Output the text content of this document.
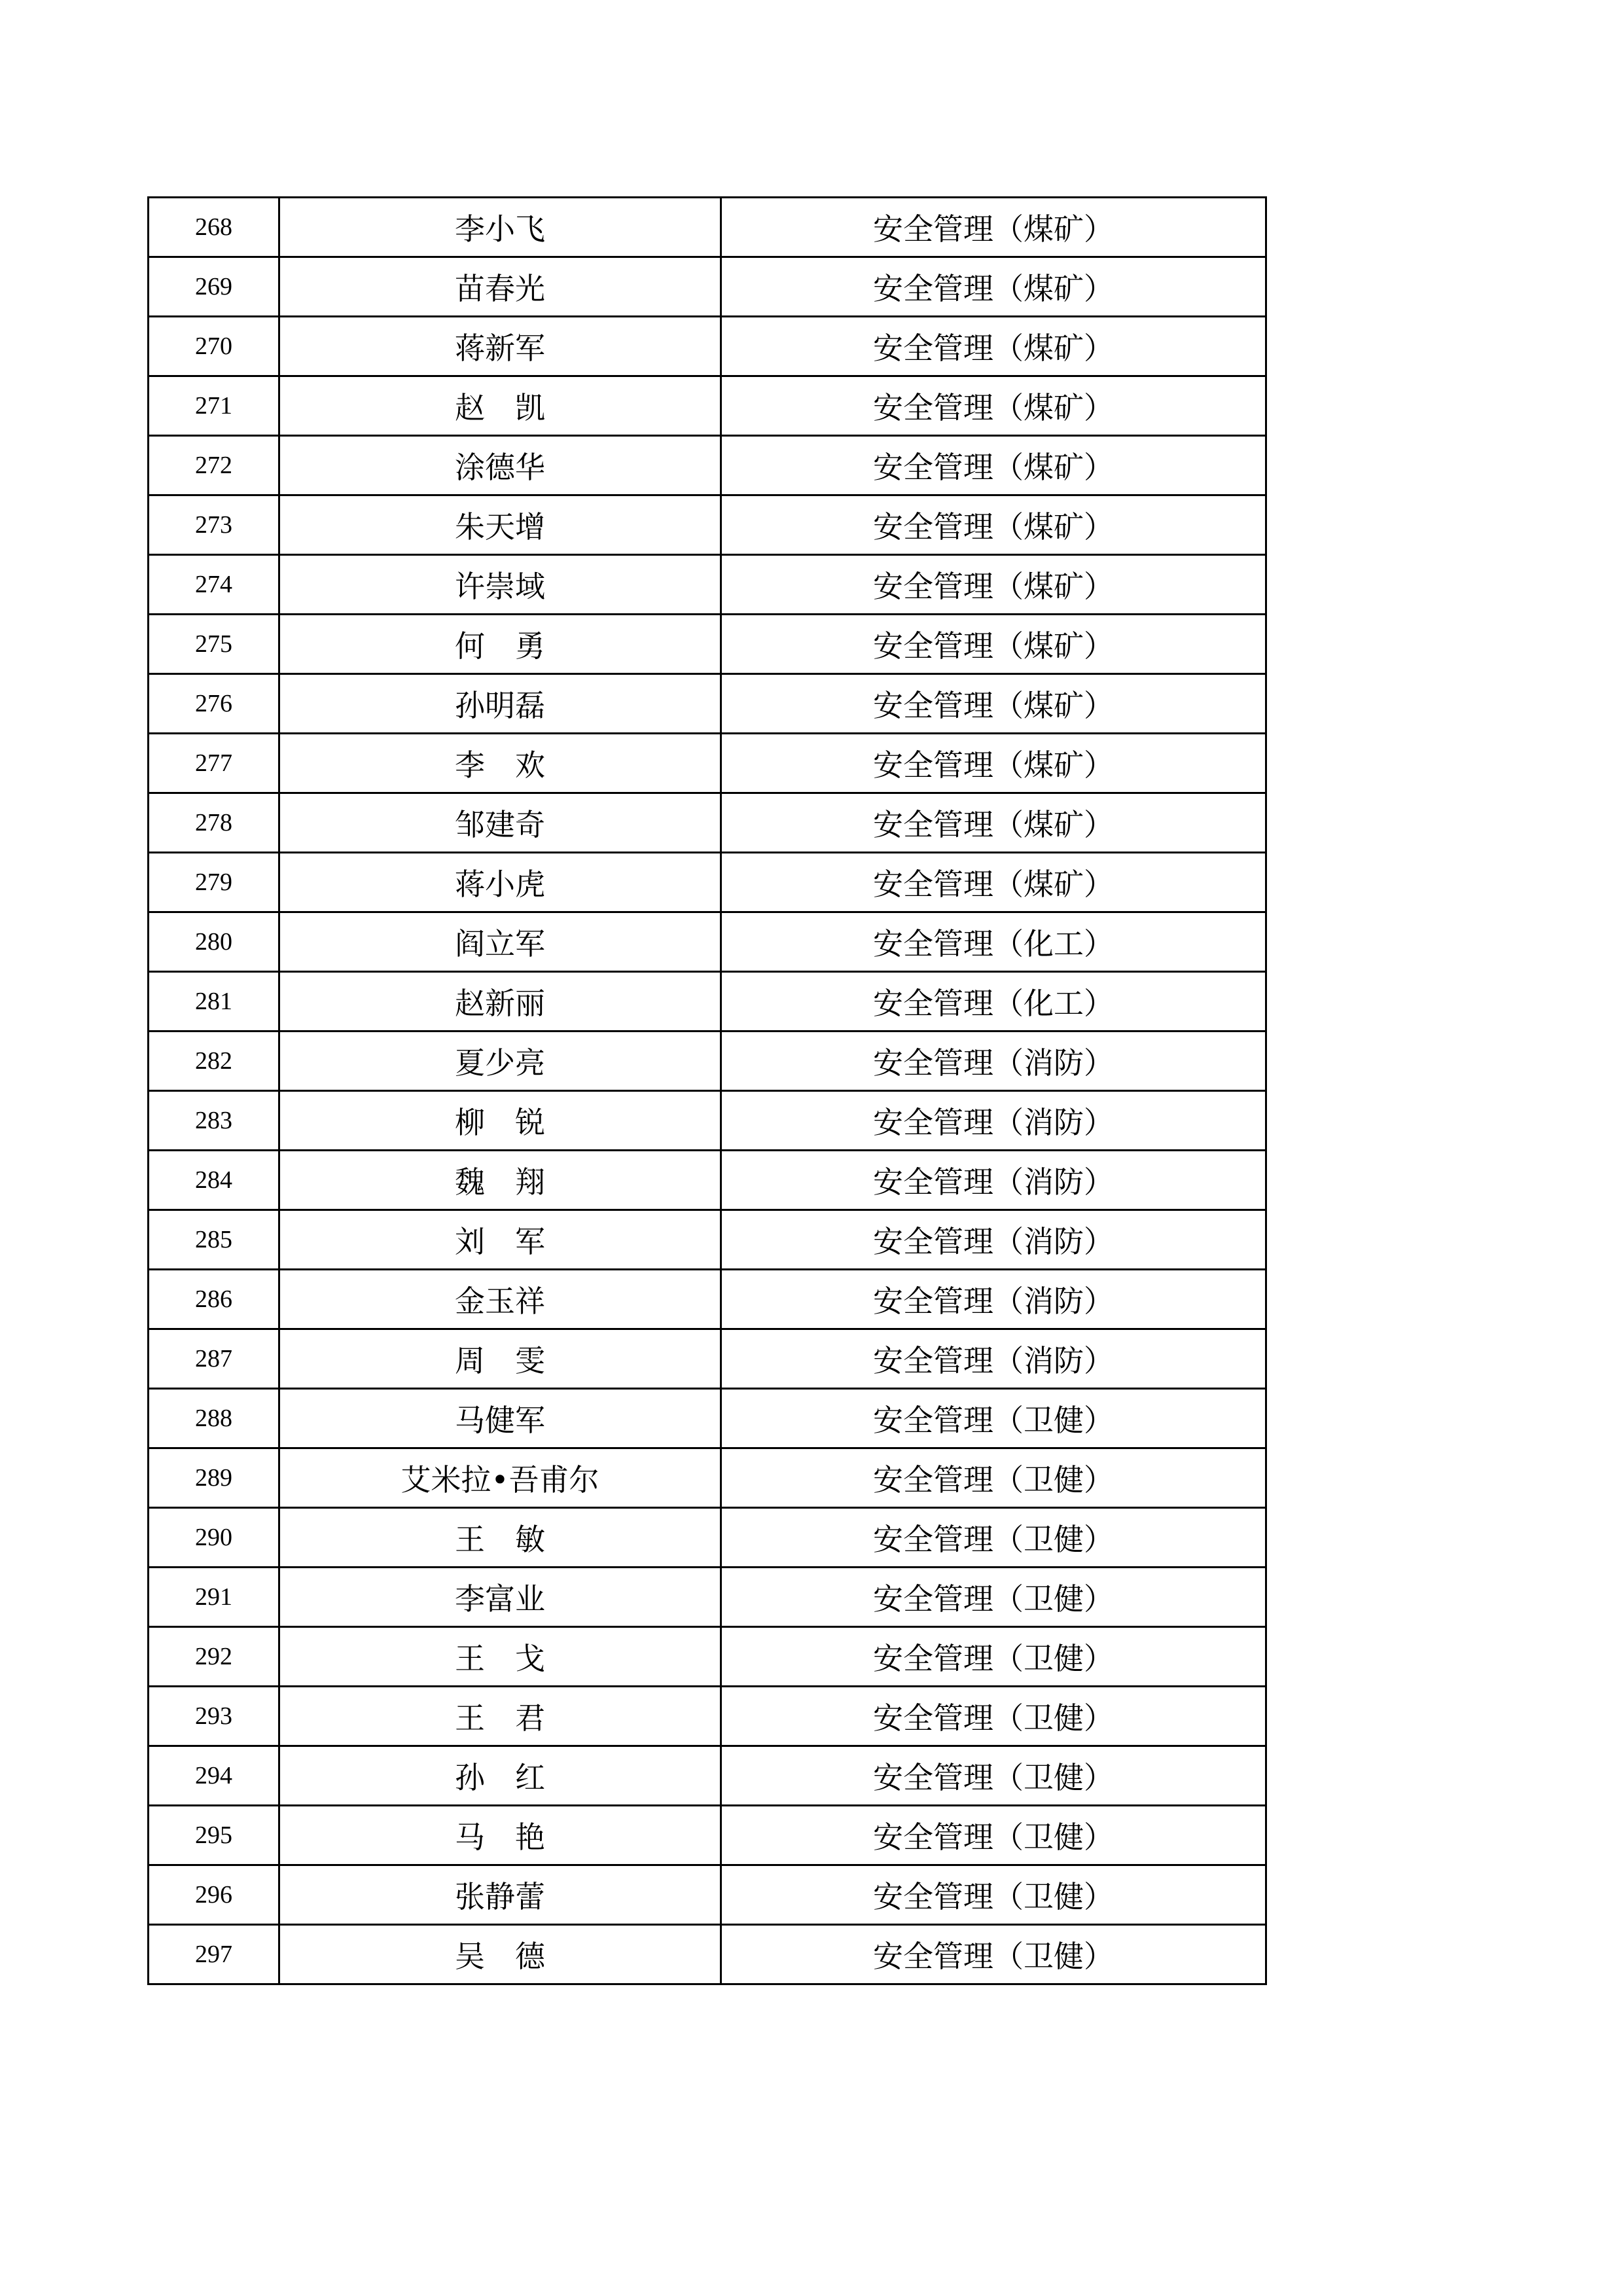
268	李小飞	安全管理（煤矿）
269	苗春光	安全管理（煤矿）
270	蒋新军	安全管理（煤矿）
271	赵　凯	安全管理（煤矿）
272	涂德华	安全管理（煤矿）
273	朱天增	安全管理（煤矿）
274	许崇域	安全管理（煤矿）
275	何　勇	安全管理（煤矿）
276	孙明磊	安全管理（煤矿）
277	李　欢	安全管理（煤矿）
278	邹建奇	安全管理（煤矿）
279	蒋小虎	安全管理（煤矿）
280	阎立军	安全管理（化工）
281	赵新丽	安全管理（化工）
282	夏少亮	安全管理（消防）
283	柳　锐	安全管理（消防）
284	魏　翔	安全管理（消防）
285	刘　军	安全管理（消防）
286	金玉祥	安全管理（消防）
287	周　雯	安全管理（消防）
288	马健军	安全管理（卫健）
289	艾米拉•吾甫尔	安全管理（卫健）
290	王　敏	安全管理（卫健）
291	李富业	安全管理（卫健）
292	王　戈	安全管理（卫健）
293	王　君	安全管理（卫健）
294	孙　红	安全管理（卫健）
295	马　艳	安全管理（卫健）
296	张静蕾	安全管理（卫健）
297	吴　德	安全管理（卫健）
